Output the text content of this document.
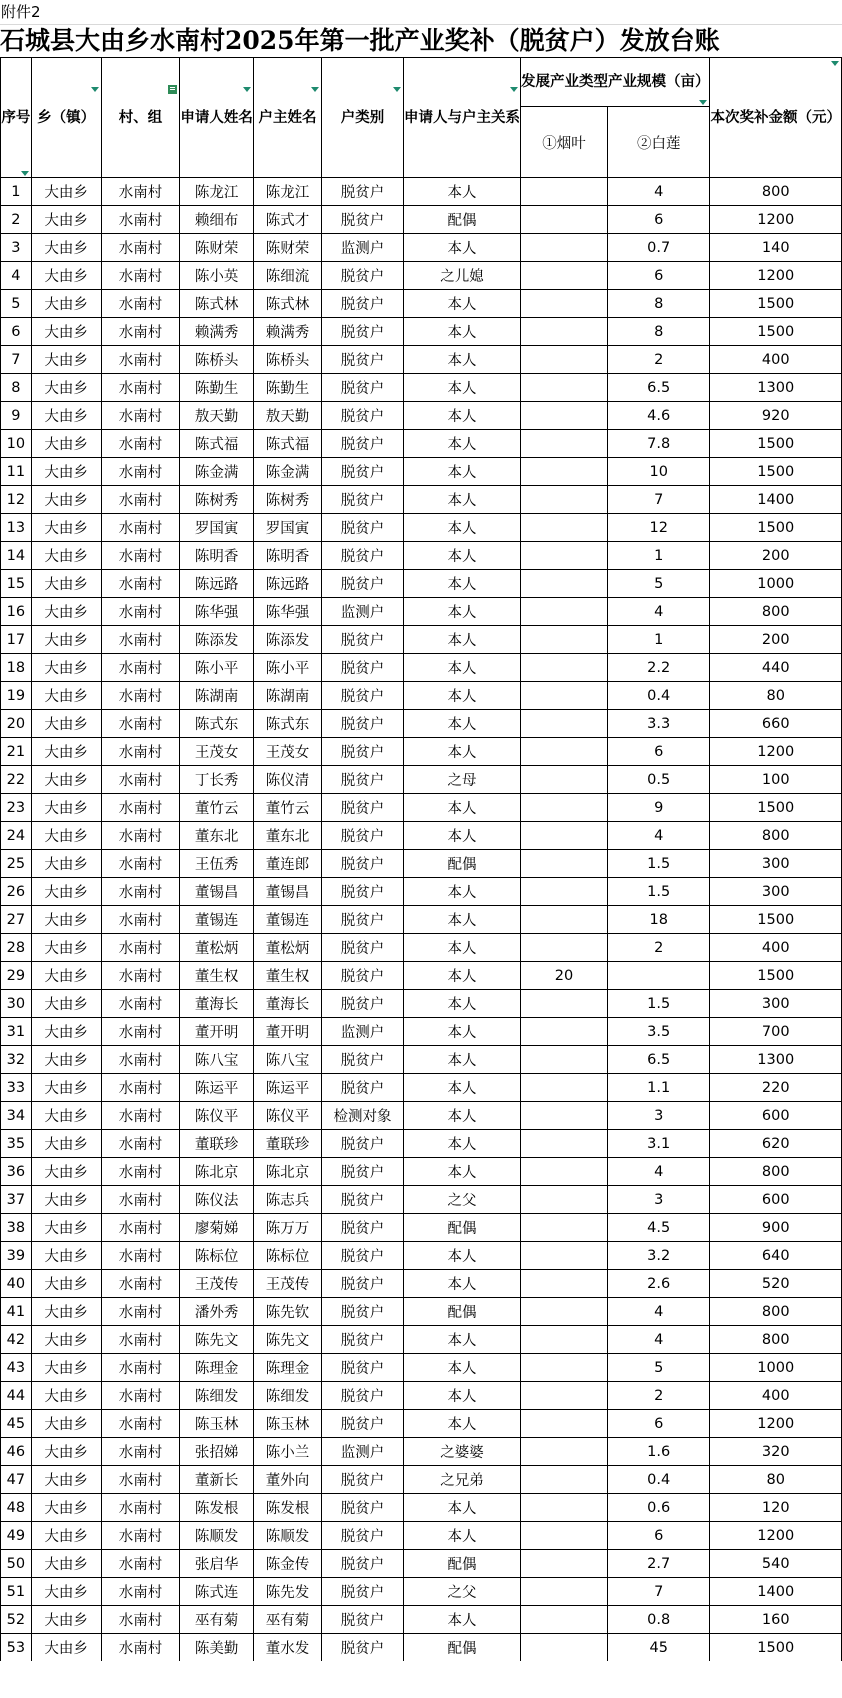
附件2
石城县大由乡水南村2025年第一批产业奖补（脱贫户）发放台账
序号	乡（镇）	村、组	申请人姓名	户主姓名	户类别	申请人与户主关系	发展产业类型产业规模（亩）		本次奖补金额（元）

							①烟叶	②白莲	
1	大由乡	水南村	陈龙江	陈龙江	脱贫户	本人		4	800
2	大由乡	水南村	赖细布	陈式才	脱贫户	配偶		6	1200
3	大由乡	水南村	陈财荣	陈财荣	监测户	本人		0.7	140
4	大由乡	水南村	陈小英	陈细流	脱贫户	之儿媳		6	1200
5	大由乡	水南村	陈式林	陈式林	脱贫户	本人		8	1500
6	大由乡	水南村	赖满秀	赖满秀	脱贫户	本人		8	1500
7	大由乡	水南村	陈桥头	陈桥头	脱贫户	本人		2	400
8	大由乡	水南村	陈勤生	陈勤生	脱贫户	本人		6.5	1300
9	大由乡	水南村	敖天勤	敖天勤	脱贫户	本人		4.6	920
10	大由乡	水南村	陈式福	陈式福	脱贫户	本人		7.8	1500
11	大由乡	水南村	陈金满	陈金满	脱贫户	本人		10	1500
12	大由乡	水南村	陈树秀	陈树秀	脱贫户	本人		7	1400
13	大由乡	水南村	罗国寅	罗国寅	脱贫户	本人		12	1500
14	大由乡	水南村	陈明香	陈明香	脱贫户	本人		1	200
15	大由乡	水南村	陈远路	陈远路	脱贫户	本人		5	1000
16	大由乡	水南村	陈华强	陈华强	监测户	本人		4	800
17	大由乡	水南村	陈添发	陈添发	脱贫户	本人		1	200
18	大由乡	水南村	陈小平	陈小平	脱贫户	本人		2.2	440
19	大由乡	水南村	陈湖南	陈湖南	脱贫户	本人		0.4	80
20	大由乡	水南村	陈式东	陈式东	脱贫户	本人		3.3	660
21	大由乡	水南村	王茂女	王茂女	脱贫户	本人		6	1200
22	大由乡	水南村	丁长秀	陈仪清	脱贫户	之母		0.5	100
23	大由乡	水南村	董竹云	董竹云	脱贫户	本人		9	1500
24	大由乡	水南村	董东北	董东北	脱贫户	本人		4	800
25	大由乡	水南村	王伍秀	董连郎	脱贫户	配偶		1.5	300
26	大由乡	水南村	董锡昌	董锡昌	脱贫户	本人		1.5	300
27	大由乡	水南村	董锡连	董锡连	脱贫户	本人		18	1500
28	大由乡	水南村	董松炳	董松炳	脱贫户	本人		2	400
29	大由乡	水南村	董生权	董生权	脱贫户	本人	20		1500
30	大由乡	水南村	董海长	董海长	脱贫户	本人		1.5	300
31	大由乡	水南村	董开明	董开明	监测户	本人		3.5	700
32	大由乡	水南村	陈八宝	陈八宝	脱贫户	本人		6.5	1300
33	大由乡	水南村	陈运平	陈运平	脱贫户	本人		1.1	220
34	大由乡	水南村	陈仪平	陈仪平	检测对象	本人		3	600
35	大由乡	水南村	董联珍	董联珍	脱贫户	本人		3.1	620
36	大由乡	水南村	陈北京	陈北京	脱贫户	本人		4	800
37	大由乡	水南村	陈仪法	陈志兵	脱贫户	之父		3	600
38	大由乡	水南村	廖菊娣	陈万万	脱贫户	配偶		4.5	900
39	大由乡	水南村	陈标位	陈标位	脱贫户	本人		3.2	640
40	大由乡	水南村	王茂传	王茂传	脱贫户	本人		2.6	520
41	大由乡	水南村	潘外秀	陈先钦	脱贫户	配偶		4	800
42	大由乡	水南村	陈先文	陈先文	脱贫户	本人		4	800
43	大由乡	水南村	陈理金	陈理金	脱贫户	本人		5	1000
44	大由乡	水南村	陈细发	陈细发	脱贫户	本人		2	400
45	大由乡	水南村	陈玉林	陈玉林	脱贫户	本人		6	1200
46	大由乡	水南村	张招娣	陈小兰	监测户	之婆婆		1.6	320
47	大由乡	水南村	董新长	董外向	脱贫户	之兄弟		0.4	80
48	大由乡	水南村	陈发根	陈发根	脱贫户	本人		0.6	120
49	大由乡	水南村	陈顺发	陈顺发	脱贫户	本人		6	1200
50	大由乡	水南村	张启华	陈金传	脱贫户	配偶		2.7	540
51	大由乡	水南村	陈式连	陈先发	脱贫户	之父		7	1400
52	大由乡	水南村	巫有菊	巫有菊	脱贫户	本人		0.8	160
53	大由乡	水南村	陈美勤	董水发	脱贫户	配偶		45	1500
